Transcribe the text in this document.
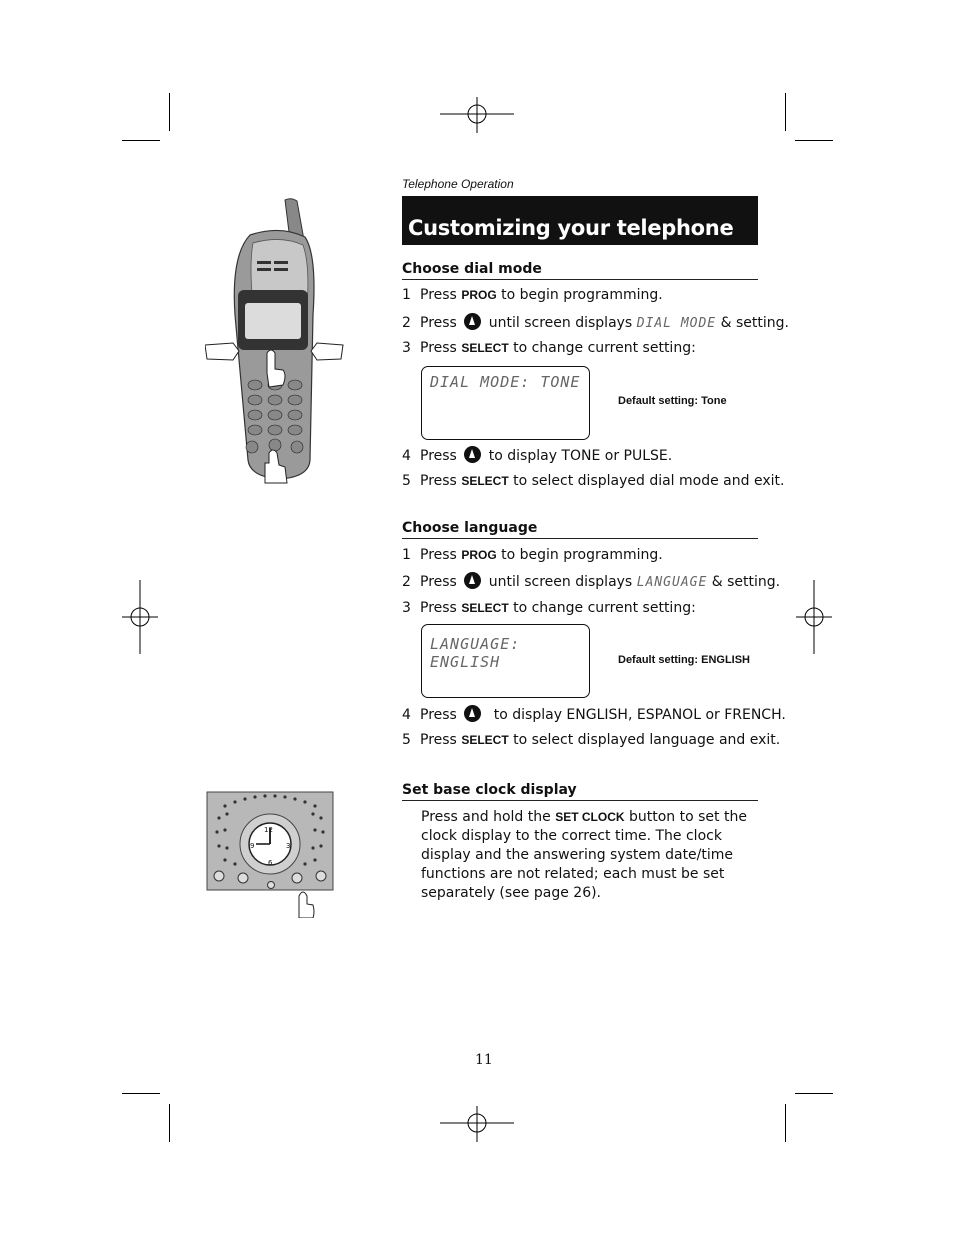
12
3
6
9
Telephone Operation
Customizing your telephone
Choose dial mode
1 Press PROG to begin programming.
2 Press until screen displays DIAL MODE & setting.
3 Press SELECT to change current setting:
DIAL MODE: TONE
Default setting: Tone
4 Press to display TONE or PULSE.
5 Press SELECT to select displayed dial mode and exit.
Choose language
1 Press PROG to begin programming.
2 Press until screen displays LANGUAGE & setting.
3 Press SELECT to change current setting:
LANGUAGE: ENGLISH	Default setting: ENGLISH
4 Press	to display ENGLISH, ESPANOL or FRENCH.
5 Press SELECT to select displayed language and exit.
Set base clock display
Press and hold the SET CLOCK button to set the clock display to the correct time. The clock display and the answering system date/time functions are not related; each must be set separately (see page 26).
11
